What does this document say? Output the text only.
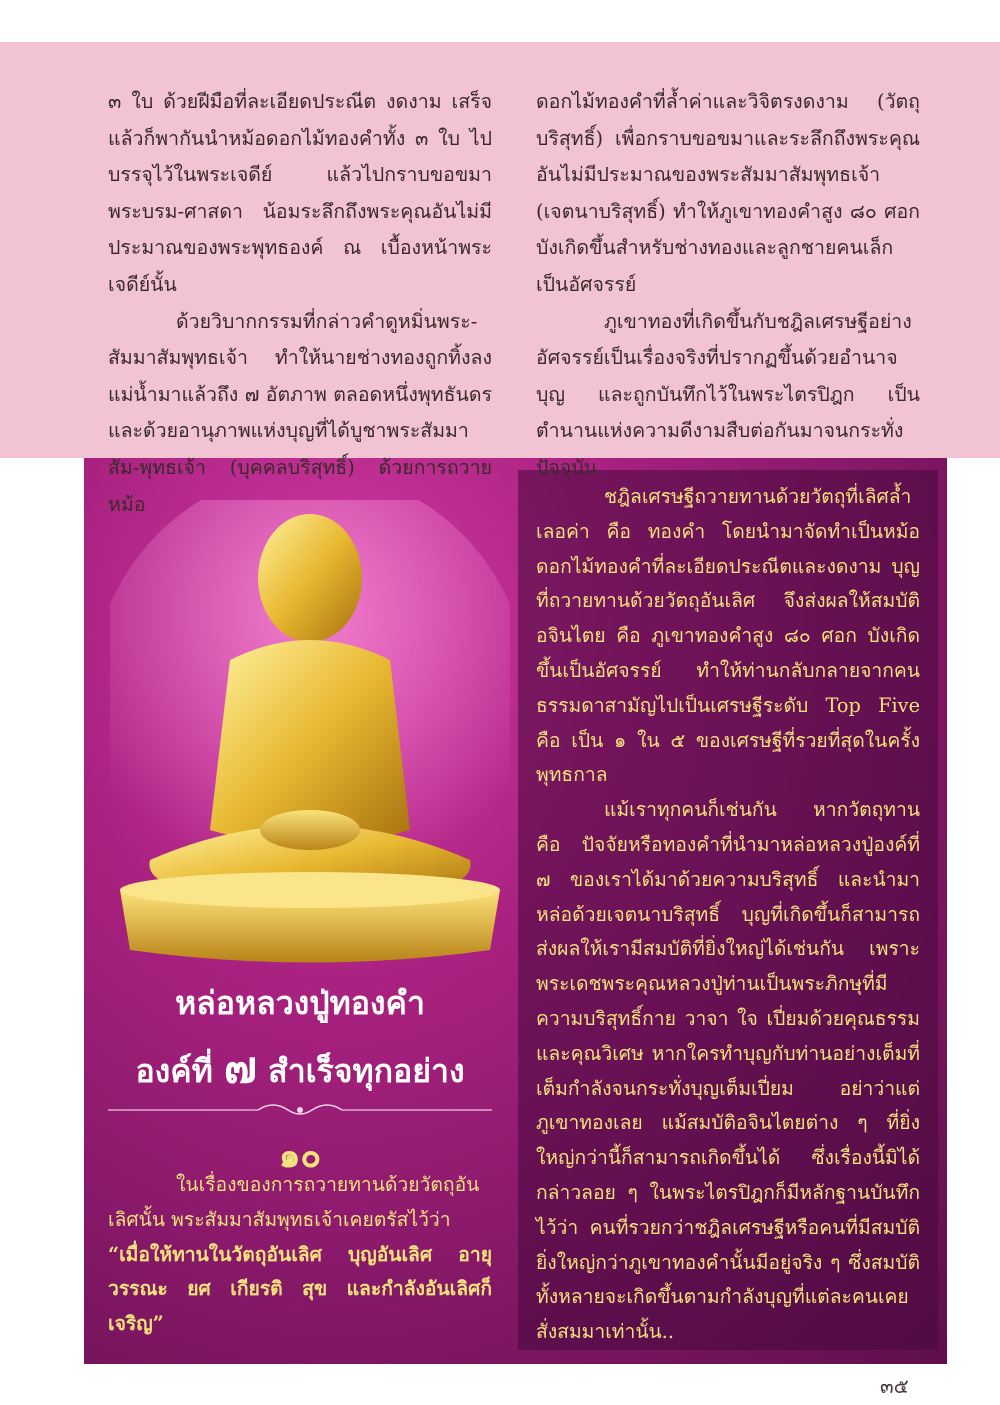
๓ ใบ ด้วยฝีมือที่ละเอียดประณีต งดงาม เสร็จแล้วก็พากันนำหม้อดอกไม้ทองคำทั้ง ๓ ใบ ไปบรรจุไว้ในพระเจดีย์ แล้วไปกราบขอขมาพระบรม-ศาสดา น้อมระลึกถึงพระคุณอันไม่มีประมาณของพระพุทธองค์ ณ เบื้องหน้าพระเจดีย์นั้น

ด้วยวิบากกรรมที่กล่าวคำดูหมิ่นพระ-สัมมาสัมพุทธเจ้า ทำให้นายช่างทองถูกทิ้งลงแม่น้ำมาแล้วถึง ๗ อัตภาพ ตลอดหนึ่งพุทธันดร และด้วยอานุภาพแห่งบุญที่ได้บูชาพระสัมมาสัม-พุทธเจ้า (บุคคลบริสุทธิ์) ด้วยการถวายหม้อ

ดอกไม้ทองคำที่ล้ำค่าและวิจิตรงดงาม (วัตถุบริสุทธิ์) เพื่อกราบขอขมาและระลึกถึงพระคุณอันไม่มีประมาณของพระสัมมาสัมพุทธเจ้า (เจตนาบริสุทธิ์) ทำให้ภูเขาทองคำสูง ๘๐ ศอก บังเกิดขึ้นสำหรับช่างทองและลูกชายคนเล็กเป็นอัศจรรย์

ภูเขาทองที่เกิดขึ้นกับชฎิลเศรษฐีอย่างอัศจรรย์เป็นเรื่องจริงที่ปรากฏขึ้นด้วยอำนาจบุญ และถูกบันทึกไว้ในพระไตรปิฎก เป็นตำนานแห่งความดีงามสืบต่อกันมาจนกระทั่งปัจจุบัน

หล่อหลวงปู่ทองคำ
องค์ที่ ๗ สำเร็จทุกอย่าง
๑๐

ในเรื่องของการถวายทานด้วยวัตถุอันเลิศนั้น พระสัมมาสัมพุทธเจ้าเคยตรัสไว้ว่า

“เมื่อให้ทานในวัตถุอันเลิศ บุญอันเลิศ อายุ วรรณะ ยศ เกียรติ สุข และกำลังอันเลิศก็เจริญ”

ชฎิลเศรษฐีถวายทานด้วยวัตถุที่เลิศล้ำเลอค่า คือ ทองคำ โดยนำมาจัดทำเป็นหม้อดอกไม้ทองคำที่ละเอียดประณีตและงดงาม บุญที่ถวายทานด้วยวัตถุอันเลิศ จึงส่งผลให้สมบัติอจินไตย คือ ภูเขาทองคำสูง ๘๐ ศอก บังเกิดขึ้นเป็นอัศจรรย์ ทำให้ท่านกลับกลายจากคนธรรมดาสามัญไปเป็นเศรษฐีระดับ Top Five คือ เป็น ๑ ใน ๕ ของเศรษฐีที่รวยที่สุดในครั้งพุทธกาล

แม้เราทุกคนก็เช่นกัน หากวัตถุทาน คือ ปัจจัยหรือทองคำที่นำมาหล่อหลวงปู่องค์ที่ ๗ ของเราได้มาด้วยความบริสุทธิ์ และนำมาหล่อด้วยเจตนาบริสุทธิ์ บุญที่เกิดขึ้นก็สามารถส่งผลให้เรามีสมบัติที่ยิ่งใหญ่ได้เช่นกัน เพราะพระเดชพระคุณหลวงปู่ท่านเป็นพระภิกษุที่มีความบริสุทธิ์กาย วาจา ใจ เปี่ยมด้วยคุณธรรมและคุณวิเศษ หากใครทำบุญกับท่านอย่างเต็มที่เต็มกำลังจนกระทั่งบุญเต็มเปี่ยม อย่าว่าแต่ภูเขาทองเลย แม้สมบัติอจินไตยต่าง ๆ ที่ยิ่งใหญ่กว่านี้ก็สามารถเกิดขึ้นได้ ซึ่งเรื่องนี้มิได้กล่าวลอย ๆ ในพระไตรปิฎกก็มีหลักฐานบันทึกไว้ว่า คนที่รวยกว่าชฎิลเศรษฐีหรือคนที่มีสมบัติยิ่งใหญ่กว่าภูเขาทองคำนั้นมีอยู่จริง ๆ ซึ่งสมบัติทั้งหลายจะเกิดขึ้นตามกำลังบุญที่แต่ละคนเคยสั่งสมมาเท่านั้น..

๓๕
